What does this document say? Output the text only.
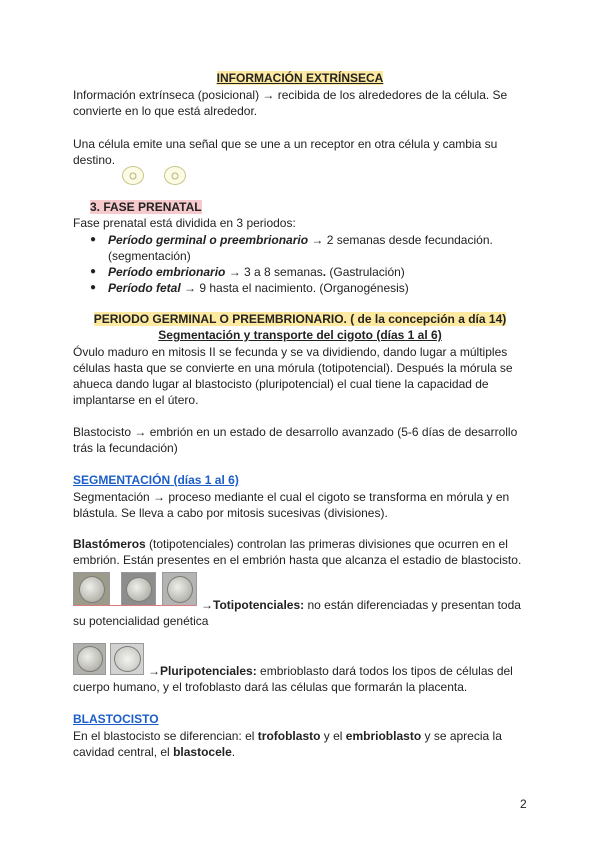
INFORMACIÓN EXTRÍNSECA
Información extrínseca (posicional) → recibida de los alrededores de la célula. Se
convierte en lo que está alrededor.
Una célula emite una señal que se une a un receptor en otra célula y cambia su
destino.
3. FASE PRENATAL
Fase prenatal está dividida en 3 periodos:
● Período germinal o preembrionario → 2 semanas desde fecundación.
(segmentación)
● Período embrionario → 3 a 8 semanas. (Gastrulación)
● Período fetal → 9 hasta el nacimiento. (Organogénesis)
PERIODO GERMINAL O PREEMBRIONARIO. ( de la concepción a día 14)
Segmentación y transporte del cigoto (días 1 al 6)
Óvulo maduro en mitosis II se fecunda y se va dividiendo, dando lugar a múltiples
células hasta que se convierte en una mórula (totipotencial). Después la mórula se
ahueca dando lugar al blastocisto (pluripotencial) el cual tiene la capacidad de
implantarse en el útero.
Blastocisto → embrión en un estado de desarrollo avanzado (5-6 días de desarrollo
trás la fecundación)
SEGMENTACIÓN (días 1 al 6)
Segmentación → proceso mediante el cual el cigoto se transforma en mórula y en
blástula. Se lleva a cabo por mitosis sucesivas (divisiones).
Blastómeros (totipotenciales) controlan las primeras divisiones que ocurren en el
embrión. Están presentes en el embrión hasta que alcanza el estadio de blastocisto.
→Totipotenciales: no están diferenciadas y presentan toda
su potencialidad genética
→Pluripotenciales: embrioblasto dará todos los tipos de células del
cuerpo humano, y el trofoblasto dará las células que formarán la placenta.
BLASTOCISTO
En el blastocisto se diferencian: el trofoblasto y el embrioblasto y se aprecia la
cavidad central, el blastocele.
2
